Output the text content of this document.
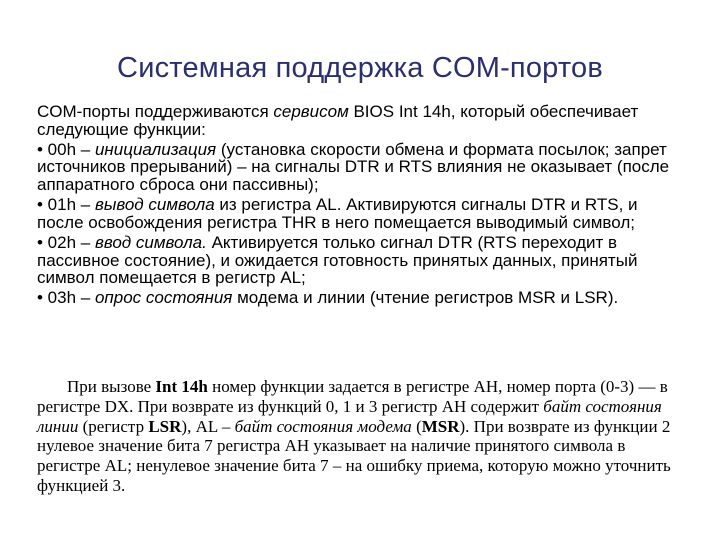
Системная поддержка COM-портов

COM-порты поддерживаются сервисом BIOS Int 14h, который обеспечивает следующие функции:

• 00h – инициализация (установка скорости обмена и формата посылок; запрет источников прерываний) – на сигналы DTR и RTS влияния не оказывает (после аппаратного сброса они пассивны);

• 01h – вывод символа из регистра AL. Активируются сигналы DTR и RTS, и после освобождения регистра THR в него помещается выводимый символ;

• 02h – ввод символа. Активируется только сигнал DTR (RTS переходит в пассивное состояние), и ожидается готовность принятых данных, принятый символ помещается в регистр AL;

• 03h – опрос состояния модема и линии (чтение регистров MSR и LSR).

При вызове Int 14h номер функции задается в регистре АН, номер порта (0-3) — в регистре DX. При возврате из функций 0, 1 и 3 регистр АН содержит байт состояния линии (регистр LSR), AL – байт состояния модема (MSR). При возврате из функции 2 нулевое значение бита 7 регистра АН указывает на наличие принятого символа в регистре AL; ненулевое значение бита 7 – на ошибку приема, которую можно уточнить функцией 3.
